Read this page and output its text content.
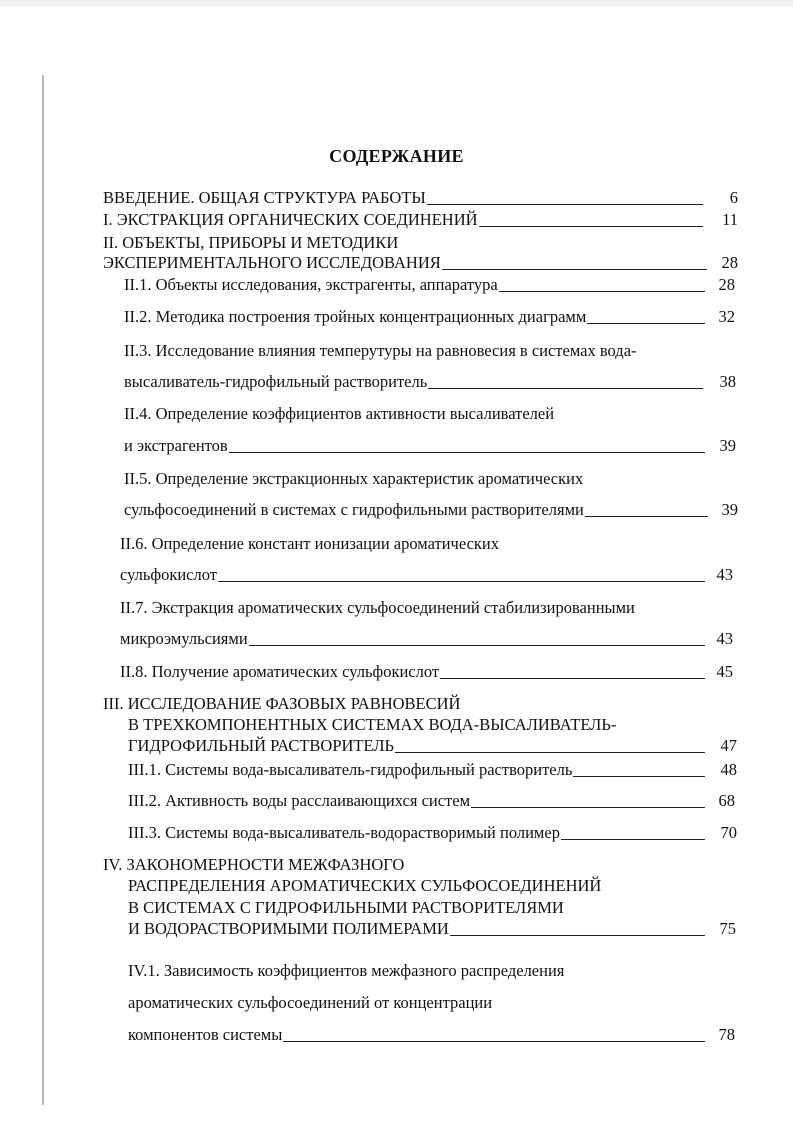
СОДЕРЖАНИЕ
ВВЕДЕНИЕ. ОБЩАЯ СТРУКТУРА РАБОТЫ	6
I. ЭКСТРАКЦИЯ ОРГАНИЧЕСКИХ СОЕДИНЕНИЙ	11
II. ОБЪЕКТЫ, ПРИБОРЫ И МЕТОДИКИ
ЭКСПЕРИМЕНТАЛЬНОГО ИССЛЕДОВАНИЯ	28
II.1. Объекты исследования, экстрагенты, аппаратура	28
II.2. Методика построения тройных концентрационных диаграмм	32
II.3. Исследование влияния темперутуры на равновесия в системах вода-
высаливатель-гидрофильный растворитель	38
II.4. Определение коэффициентов активности высаливателей
и экстрагентов	39
II.5. Определение экстракционных характеристик ароматических
сульфосоединений в системах с гидрофильными растворителями	39
II.6. Определение констант ионизации ароматических
сульфокислот	43
II.7. Экстракция ароматических сульфосоединений стабилизированными
микроэмульсиями	43
II.8. Получение ароматических сульфокислот	45
III. ИССЛЕДОВАНИЕ ФАЗОВЫХ РАВНОВЕСИЙ
В ТРЕХКОМПОНЕНТНЫХ СИСТЕМАХ ВОДА-ВЫСАЛИВАТЕЛЬ-
ГИДРОФИЛЬНЫЙ РАСТВОРИТЕЛЬ	47
III.1. Системы вода-высаливатель-гидрофильный растворитель	48
III.2. Активность воды расслаивающихся систем	68
III.3. Системы вода-высаливатель-водорастворимый полимер	70
IV. ЗАКОНОМЕРНОСТИ МЕЖФАЗНОГО
РАСПРЕДЕЛЕНИЯ АРОМАТИЧЕСКИХ СУЛЬФОСОЕДИНЕНИЙ
В СИСТЕМАХ С ГИДРОФИЛЬНЫМИ РАСТВОРИТЕЛЯМИ
И ВОДОРАСТВОРИМЫМИ ПОЛИМЕРАМИ	75
IV.1. Зависимость коэффициентов межфазного распределения
ароматических сульфосоединений от концентрации
компонентов системы	78
